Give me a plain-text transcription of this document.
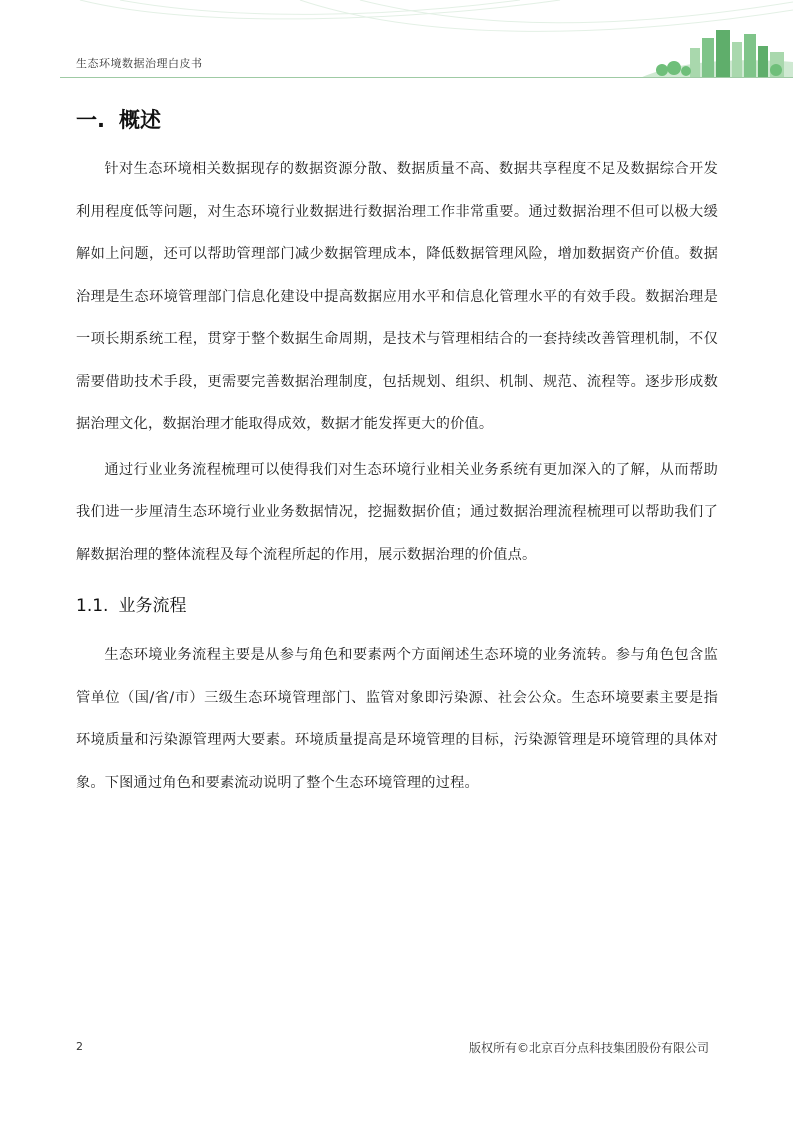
生态环境数据治理白皮书
一. 概述

针对生态环境相关数据现存的数据资源分散、数据质量不高、数据共享程度不足及数据综合开发利用程度低等问题，对生态环境行业数据进行数据治理工作非常重要。通过数据治理不但可以极大缓解如上问题，还可以帮助管理部门减少数据管理成本，降低数据管理风险，增加数据资产价值。数据治理是生态环境管理部门信息化建设中提高数据应用水平和信息化管理水平的有效手段。数据治理是一项长期系统工程，贯穿于整个数据生命周期，是技术与管理相结合的一套持续改善管理机制，不仅需要借助技术手段，更需要完善数据治理制度，包括规划、组织、机制、规范、流程等。逐步形成数据治理文化，数据治理才能取得成效，数据才能发挥更大的价值。

通过行业业务流程梳理可以使得我们对生态环境行业相关业务系统有更加深入的了解，从而帮助我们进一步厘清生态环境行业业务数据情况，挖掘数据价值；通过数据治理流程梳理可以帮助我们了解数据治理的整体流程及每个流程所起的作用，展示数据治理的价值点。

1.1. 业务流程

生态环境业务流程主要是从参与角色和要素两个方面阐述生态环境的业务流转。参与角色包含监管单位（国/省/市）三级生态环境管理部门、监管对象即污染源、社会公众。生态环境要素主要是指环境质量和污染源管理两大要素。环境质量提高是环境管理的目标，污染源管理是环境管理的具体对象。下图通过角色和要素流动说明了整个生态环境管理的过程。

2	版权所有©北京百分点科技集团股份有限公司
